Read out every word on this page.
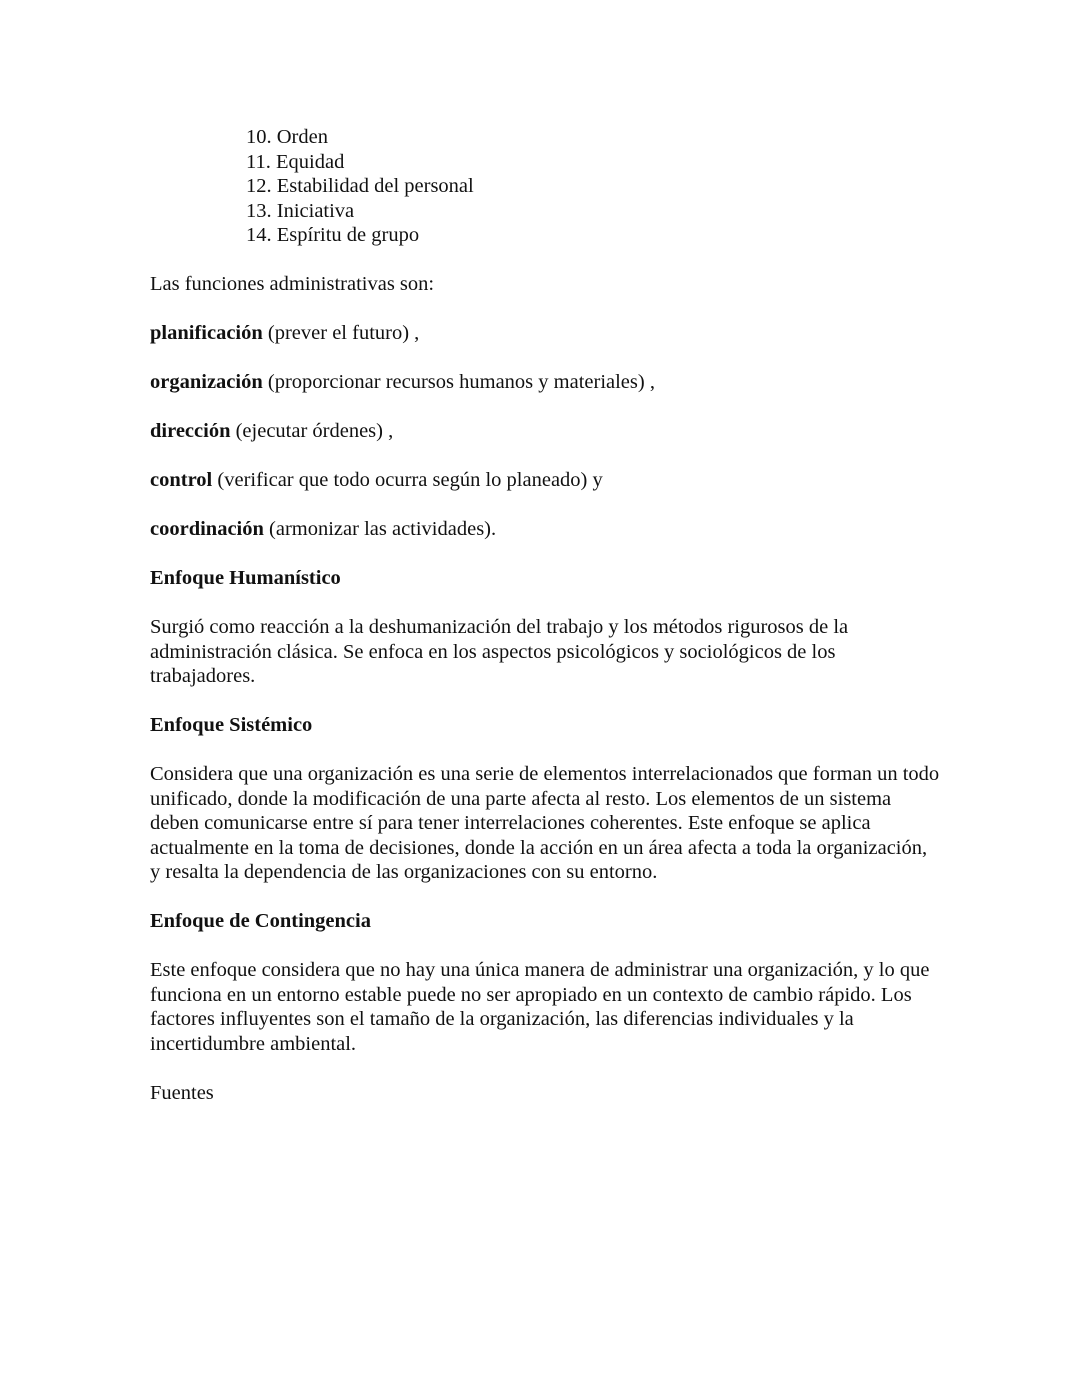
10. Orden
11. Equidad
12. Estabilidad del personal
13. Iniciativa
14. Espíritu de grupo

Las funciones administrativas son:

planificación (prever el futuro) ,

organización (proporcionar recursos humanos y materiales) ,

dirección (ejecutar órdenes) ,

control (verificar que todo ocurra según lo planeado) y

coordinación (armonizar las actividades).

Enfoque Humanístico

Surgió como reacción a la deshumanización del trabajo y los métodos rigurosos de la administración clásica. Se enfoca en los aspectos psicológicos y sociológicos de los trabajadores.

Enfoque Sistémico

Considera que una organización es una serie de elementos interrelacionados que forman un todo unificado, donde la modificación de una parte afecta al resto. Los elementos de un sistema deben comunicarse entre sí para tener interrelaciones coherentes. Este enfoque se aplica actualmente en la toma de decisiones, donde la acción en un área afecta a toda la organización, y resalta la dependencia de las organizaciones con su entorno.

Enfoque de Contingencia

Este enfoque considera que no hay una única manera de administrar una organización, y lo que funciona en un entorno estable puede no ser apropiado en un contexto de cambio rápido. Los factores influyentes son el tamaño de la organización, las diferencias individuales y la incertidumbre ambiental.

Fuentes
